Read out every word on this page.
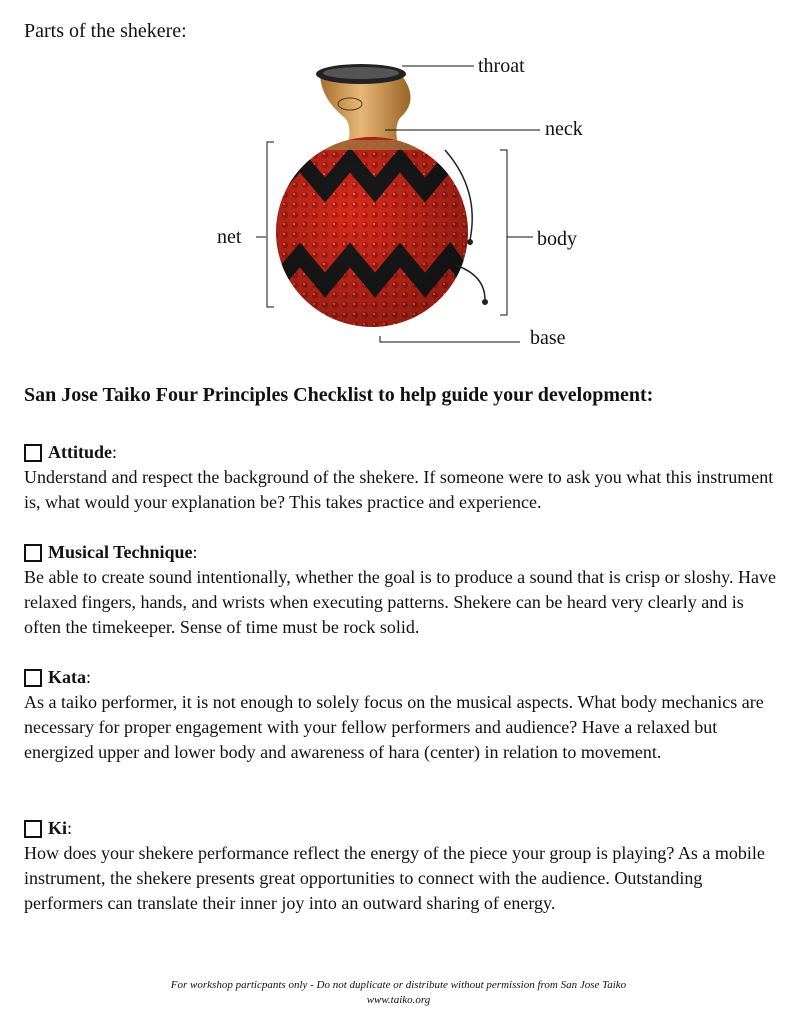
Parts of the shekere:
throat
neck
net	body
base
San Jose Taiko Four Principles Checklist to help guide your development:
Attitude :

Understand and respect the background of the shekere. If someone were to ask you what this instrument is, what would your explanation be? This takes practice and experience.

Musical Technique :

Be able to create sound intentionally, whether the goal is to produce a sound that is crisp or sloshy. Have relaxed fingers, hands, and wrists when executing patterns. Shekere can be heard very clearly and is often the timekeeper. Sense of time must be rock solid.

Kata :

As a taiko performer, it is not enough to solely focus on the musical aspects. What body mechanics are necessary for proper engagement with your fellow performers and audience? Have a relaxed but energized upper and lower body and awareness of hara (center) in relation to movement.

Ki :

How does your shekere performance reflect the energy of the piece your group is playing? As a mobile instrument, the shekere presents great opportunities to connect with the audience. Outstanding performers can translate their inner joy into an outward sharing of energy.

For workshop particpants only - Do not duplicate or distribute without permission from San Jose Taiko
www.taiko.org
